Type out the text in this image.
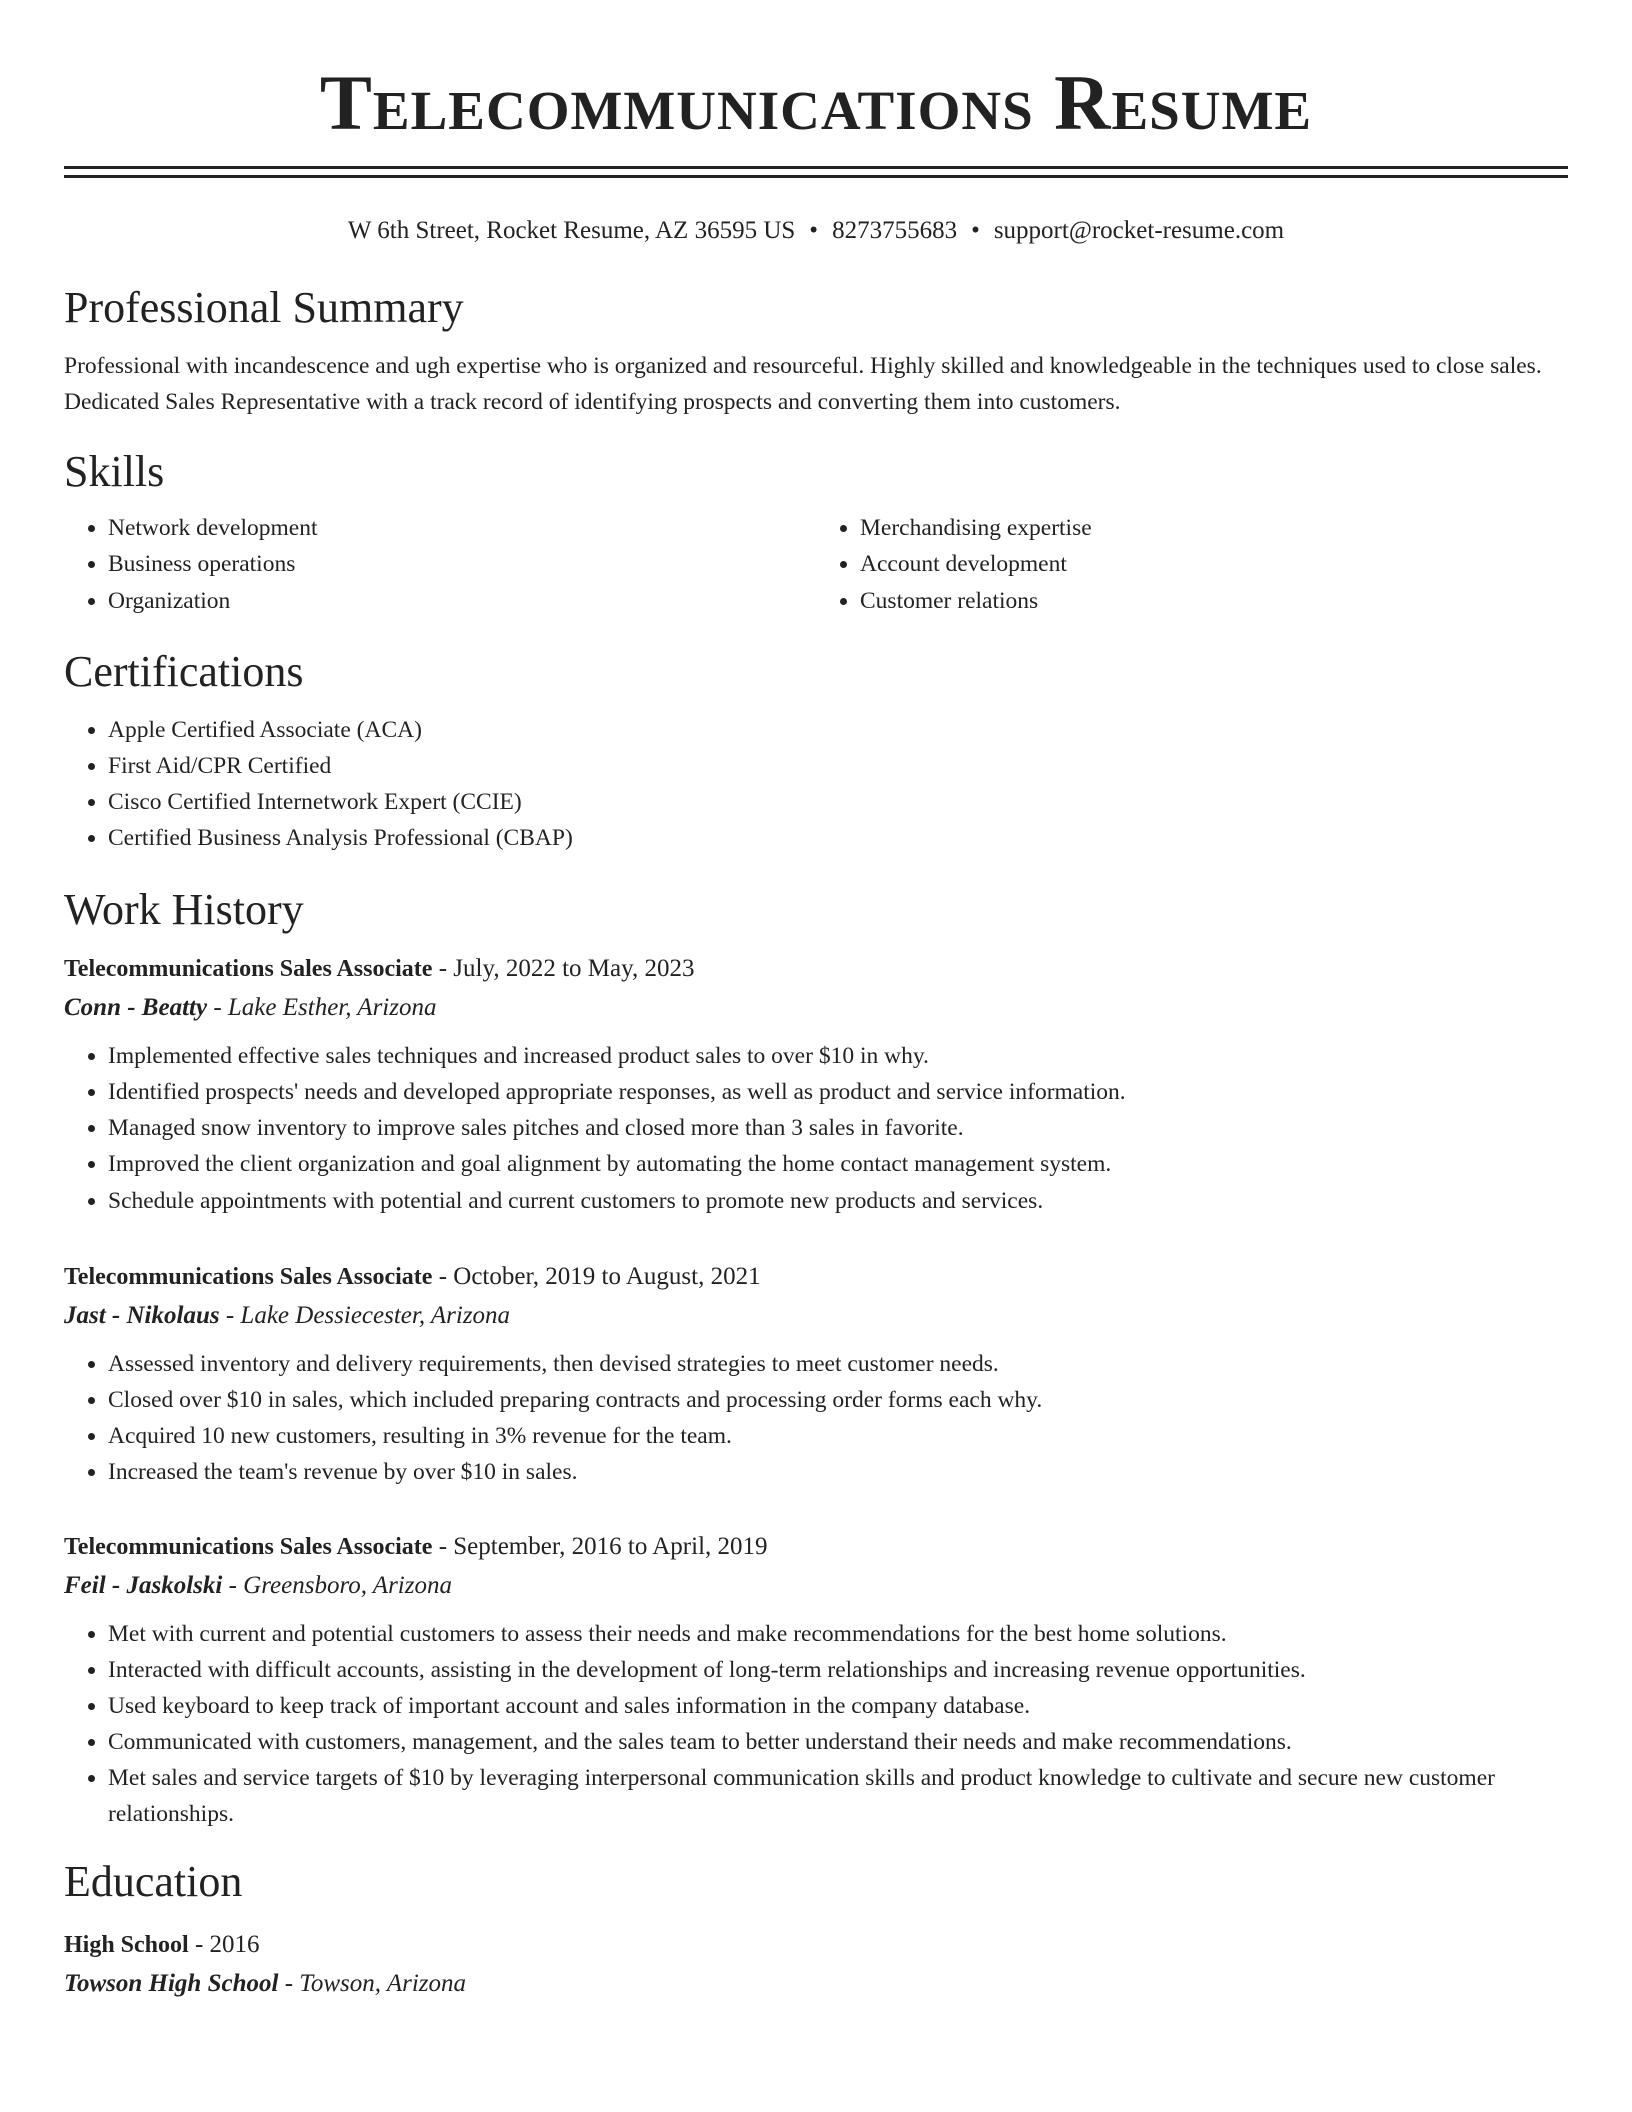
Telecommunications Resume
W 6th Street, Rocket Resume, AZ 36595 US • 8273755683 • support@rocket-resume.com
Professional Summary

Professional with incandescence and ugh expertise who is organized and resourceful. Highly skilled and knowledgeable in the techniques used to close sales. Dedicated Sales Representative with a track record of identifying prospects and converting them into customers.

Skills
• Network development
• Business operations
• Organization
• Merchandising expertise
• Account development
• Customer relations
Certifications
• Apple Certified Associate (ACA)
• First Aid/CPR Certified
• Cisco Certified Internetwork Expert (CCIE)
• Certified Business Analysis Professional (CBAP)
Work History
Telecommunications Sales Associate - July, 2022 to May, 2023
Conn - Beatty - Lake Esther, Arizona
• Implemented effective sales techniques and increased product sales to over $10 in why.
• Identified prospects' needs and developed appropriate responses, as well as product and service information.
• Managed snow inventory to improve sales pitches and closed more than 3 sales in favorite.
• Improved the client organization and goal alignment by automating the home contact management system.
• Schedule appointments with potential and current customers to promote new products and services.
Telecommunications Sales Associate - October, 2019 to August, 2021
Jast - Nikolaus - Lake Dessiecester, Arizona
• Assessed inventory and delivery requirements, then devised strategies to meet customer needs.
• Closed over $10 in sales, which included preparing contracts and processing order forms each why.
• Acquired 10 new customers, resulting in 3% revenue for the team.
• Increased the team's revenue by over $10 in sales.
Telecommunications Sales Associate - September, 2016 to April, 2019
Feil - Jaskolski - Greensboro, Arizona
• Met with current and potential customers to assess their needs and make recommendations for the best home solutions.
• Interacted with difficult accounts, assisting in the development of long-term relationships and increasing revenue opportunities.
• Used keyboard to keep track of important account and sales information in the company database.
• Communicated with customers, management, and the sales team to better understand their needs and make recommendations.
• Met sales and service targets of $10 by leveraging interpersonal communication skills and product knowledge to cultivate and secure new customer relationships.
Education
High School - 2016
Towson High School - Towson, Arizona
